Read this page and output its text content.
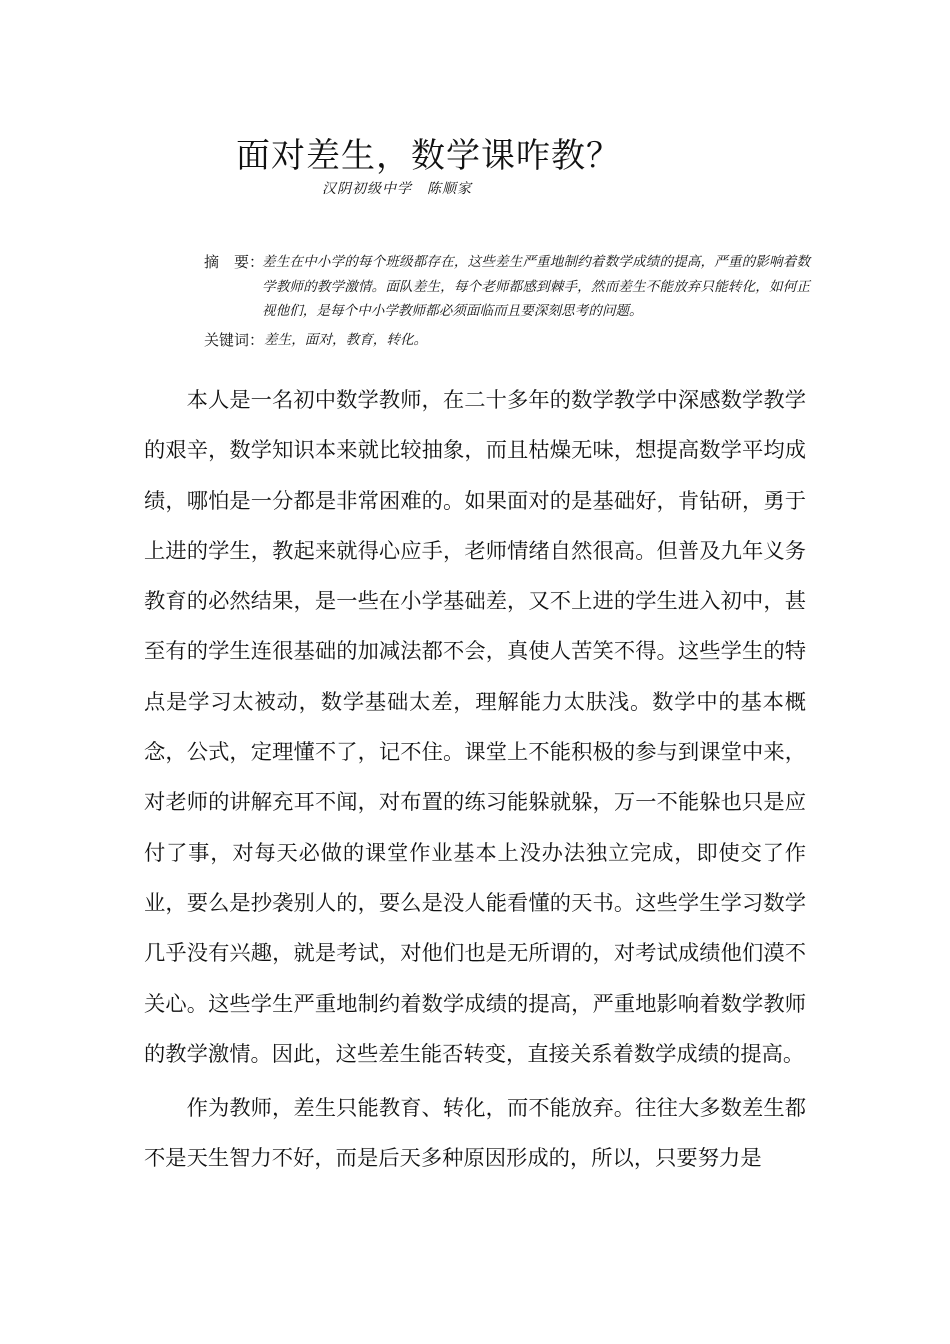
面对差生，数学课咋教？
汉阴初级中学　陈顺家
摘　要：
差生在中小学的每个班级都存在，这些差生严重地制约着数学成绩的提高，严重的影响着数学教师的教学激情。面队差生，每个老师都感到棘手，然而差生不能放弃只能转化，如何正视他们，是每个中小学教师都必须面临而且要深刻思考的问题。
关键词： 差生，面对，教育，转化。

本人是一名初中数学教师，在二十多年的数学教学中深感数学教学的艰辛，数学知识本来就比较抽象，而且枯燥无味，想提高数学平均成绩，哪怕是一分都是非常困难的。如果面对的是基础好，肯钻研，勇于上进的学生，教起来就得心应手，老师情绪自然很高。但普及九年义务教育的必然结果，是一些在小学基础差，又不上进的学生进入初中，甚至有的学生连很基础的加减法都不会，真使人苦笑不得。这些学生的特点是学习太被动，数学基础太差，理解能力太肤浅。数学中的基本概念，公式，定理懂不了，记不住。课堂上不能积极的参与到课堂中来，对老师的讲解充耳不闻，对布置的练习能躲就躲，万一不能躲也只是应付了事，对每天必做的课堂作业基本上没办法独立完成，即使交了作业，要么是抄袭别人的，要么是没人能看懂的天书。这些学生学习数学几乎没有兴趣，就是考试，对他们也是无所谓的，对考试成绩他们漠不关心。这些学生严重地制约着数学成绩的提高，严重地影响着数学教师的教学激情。因此，这些差生能否转变，直接关系着数学成绩的提高。

作为教师，差生只能教育、转化，而不能放弃。往往大多数差生都不是天生智力不好，而是后天多种原因形成的，所以，只要努力是
